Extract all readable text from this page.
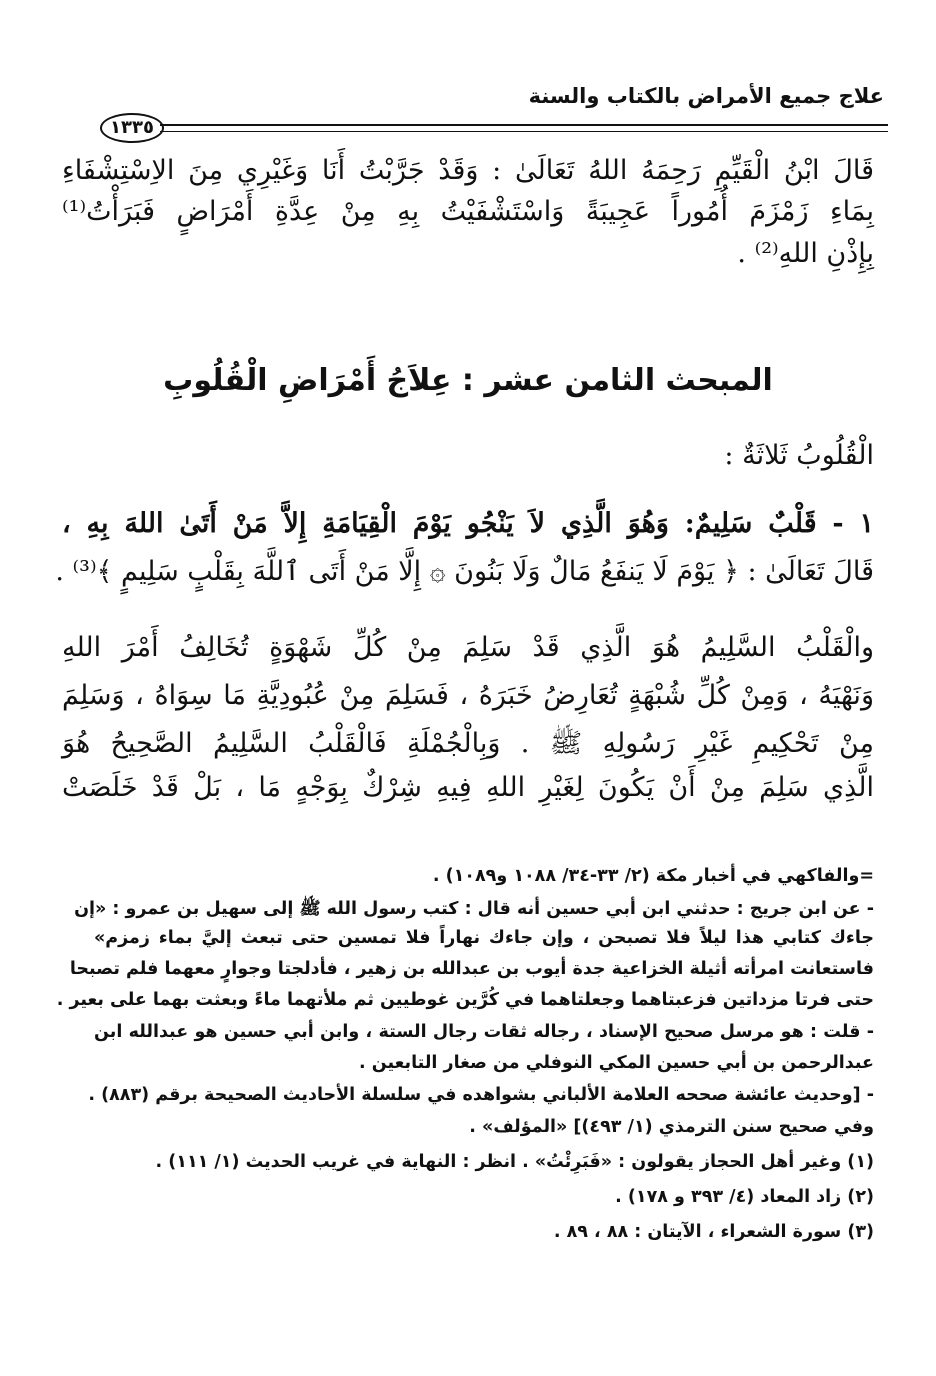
علاج جميع الأمراض بالكتاب والسنة
١٣٣٥
قَالَ ابْنُ الْقَيِّمِ رَحِمَهُ اللهُ تَعَالَىٰ : وَقَدْ جَرَّبْتُ أَنَا وَغَيْرِي مِنَ الاِسْتِشْفَاءِ
بِمَاءِ زَمْزَمَ أُمُوراً عَجِيبَةً وَاسْتَشْفَيْتُ بِهِ مِنْ عِدَّةِ أَمْرَاضٍ فَبَرَأْتُ⁽¹⁾
بِإِذْنِ اللهِ⁽²⁾ .
المبحث الثامن عشر : عِلاَجُ أَمْرَاضِ الْقُلُوبِ
الْقُلُوبُ ثَلاثَةٌ :
١ - قَلْبٌ سَلِيمٌ: وَهُوَ الَّذِي لاَ يَنْجُو يَوْمَ الْقِيَامَةِ إِلاَّ مَنْ أَتَىٰ اللهَ بِهِ ،
قَالَ تَعَالَىٰ : ﴿ يَوْمَ لَا يَنفَعُ مَالٌ وَلَا بَنُونَ ۞ إِلَّا مَنْ أَتَى ٱللَّهَ بِقَلْبٍ سَلِيمٍ ﴾⁽³⁾ .
والْقَلْبُ السَّلِيمُ هُوَ الَّذِي قَدْ سَلِمَ مِنْ كُلِّ شَهْوَةٍ تُخَالِفُ أَمْرَ اللهِ
وَنَهْيَهُ ، وَمِنْ كُلِّ شُبْهَةٍ تُعَارِضُ خَبَرَهُ ، فَسَلِمَ مِنْ عُبُودِيَّةِ مَا سِوَاهُ ، وَسَلِمَ
مِنْ تَحْكِيمِ غَيْرِ رَسُولِهِ ﷺ . وَبِالْجُمْلَةِ فَالْقَلْبُ السَّلِيمُ الصَّحِيحُ هُوَ
الَّذِي سَلِمَ مِنْ أَنْ يَكُونَ لِغَيْرِ اللهِ فِيهِ شِرْكٌ بِوَجْهٍ مَا ، بَلْ قَدْ خَلَصَتْ
=والفاكهي في أخبار مكة (٢/ ٣٣-٣٤/ ١٠٨٨ و١٠٨٩) .
- عن ابن جريج : حدثني ابن أبي حسين أنه قال : كتب رسول الله ﷺ إلى سهيل بن عمرو : «إن
جاءك كتابي هذا ليلاً فلا تصبحن ، وإن جاءك نهاراً فلا تمسين حتى تبعث إليَّ بماء زمزم»
فاستعانت امرأته أثيلة الخزاعية جدة أيوب بن عبدالله بن زهير ، فأدلجتا وجوارٍ معهما فلم تصبحا
حتى فرتا مزداتين فزعبتاهما وجعلتاهما في كُرَّين غوطيين ثم ملأتهما ماءً وبعثت بهما على بعير .
- قلت : هو مرسل صحيح الإسناد ، رجاله ثقات رجال الستة ، وابن أبي حسين هو عبدالله ابن
عبدالرحمن بن أبي حسين المكي النوفلي من صغار التابعين .
- [وحديث عائشة صححه العلامة الألباني بشواهده في سلسلة الأحاديث الصحيحة برقم (٨٨٣) .
وفي صحيح سنن الترمذي (١/ ٤٩٣)] «المؤلف» .
(١) وغير أهل الحجاز يقولون : «فَبَرِئْتُ» . انظر : النهاية في غريب الحديث (١/ ١١١) .
(٢) زاد المعاد (٤/ ٣٩٣ و ١٧٨) .
(٣) سورة الشعراء ، الآيتان : ٨٨ ، ٨٩ .
